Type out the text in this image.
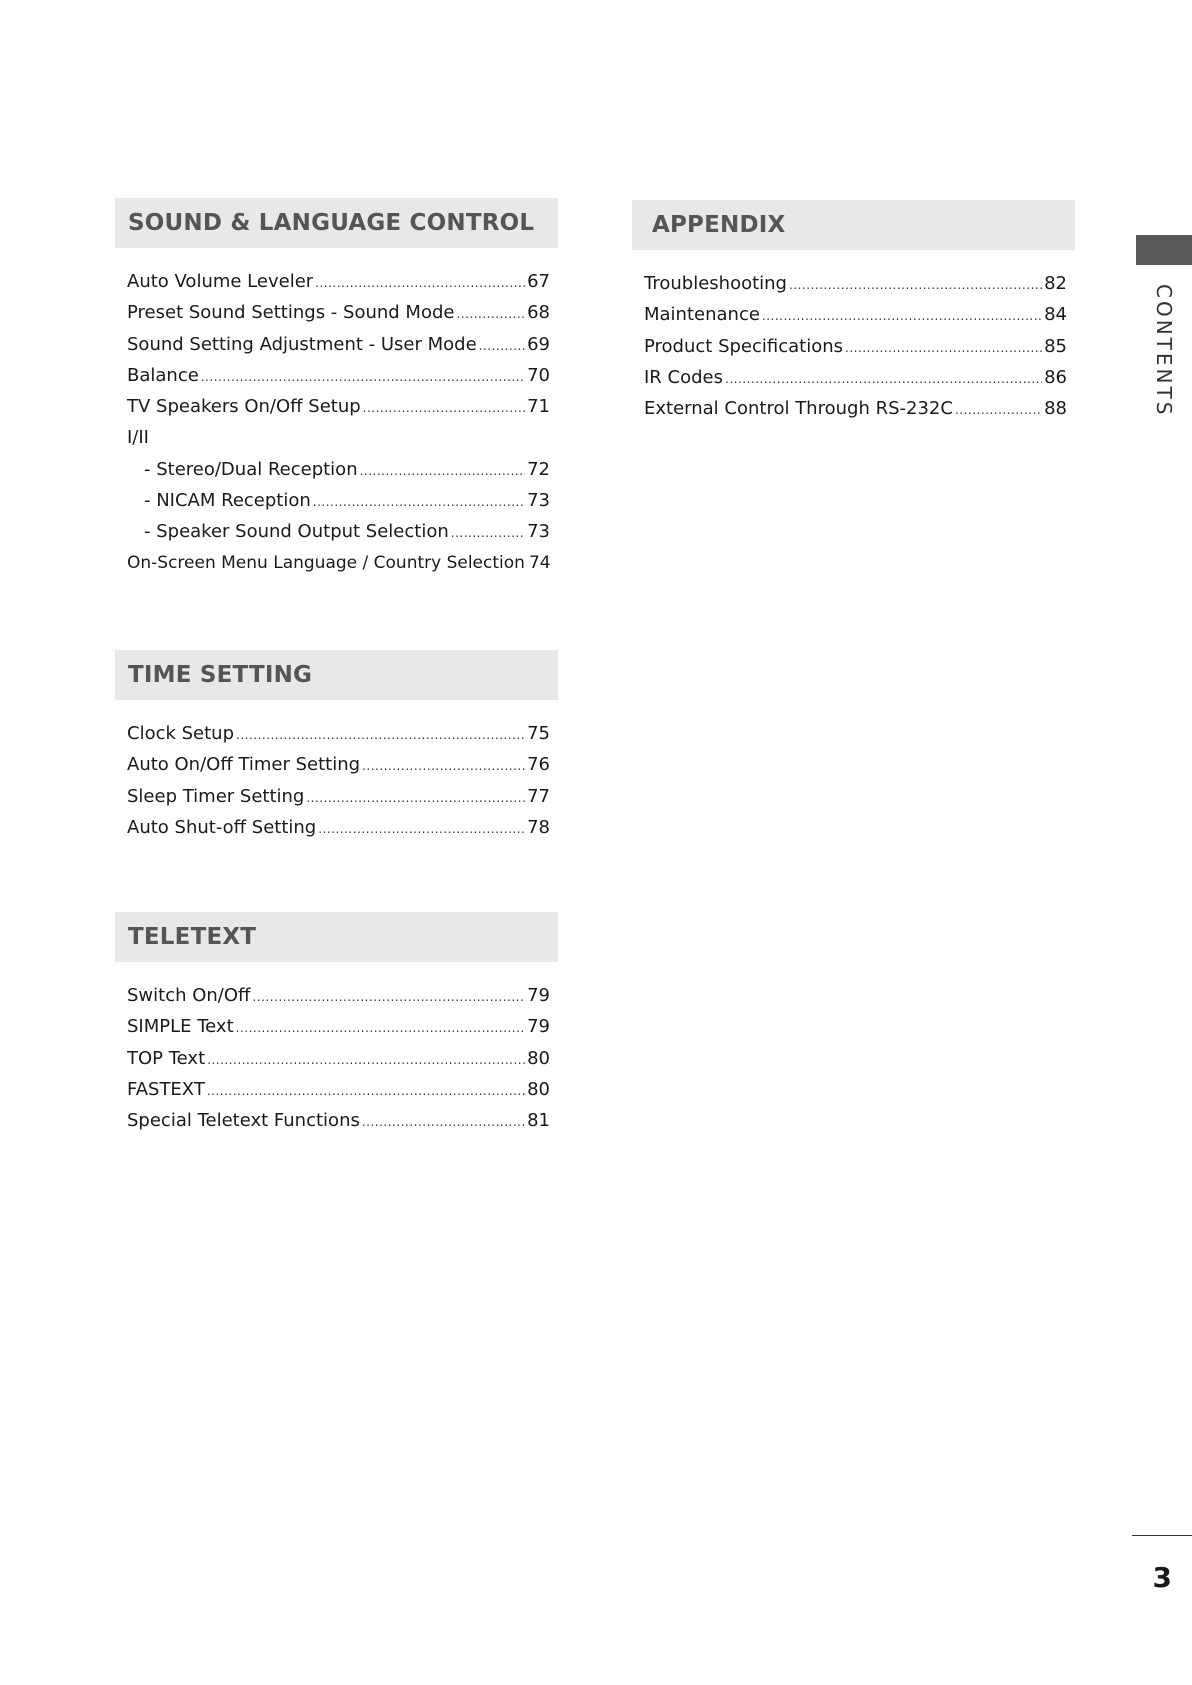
SOUND & LANGUAGE CONTROL
Auto Volume Leveler .....	67
Preset Sound Settings - Sound Mode .....	68
Sound Setting Adjustment - User Mode .....	69
Balance .....	70
TV Speakers On/Off Setup .....	71
I/II
- Stereo/Dual Reception .....	72
- NICAM Reception .....	73
- Speaker Sound Output Selection .....	73
On-Screen Menu Language / Country Selection 74
TIME SETTING
Clock Setup .....	75
Auto On/Off Timer Setting .....	76
Sleep Timer Setting .....	77
Auto Shut-off Setting .....	78
TELETEXT
Switch On/Off .....	79
SIMPLE Text .....	79
TOP Text .....	80
FASTEXT .....	80
Special Teletext Functions .....	81
APPENDIX
Troubleshooting .....	82
Maintenance .....	84
Product Specifications .....	85
IR Codes .....	86
External Control Through RS-232C .....	88	CONTENTS
3
